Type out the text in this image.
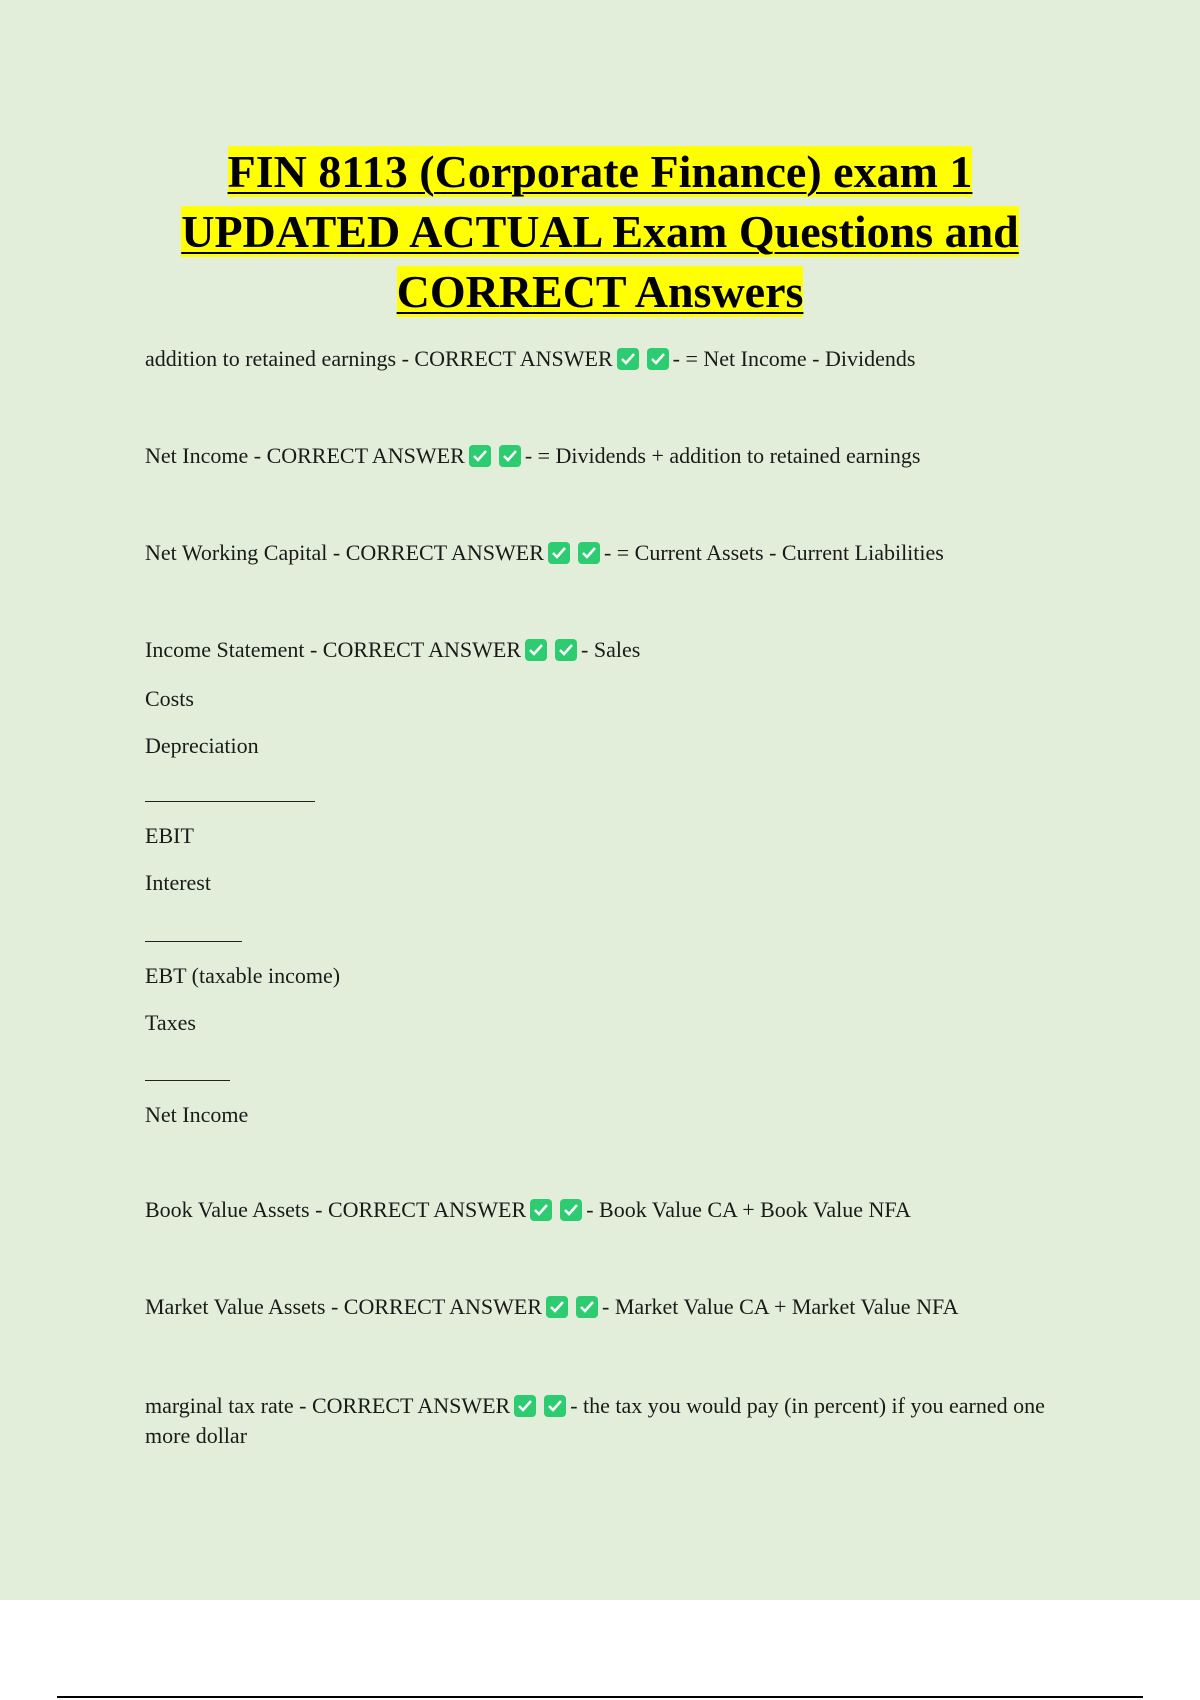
FIN 8113 (Corporate Finance) exam 1
UPDATED ACTUAL Exam Questions and
CORRECT Answers
addition to retained earnings - CORRECT ANSWER	- = Net Income - Dividends
Net Income - CORRECT ANSWER	- = Dividends + addition to retained earnings
Net Working Capital - CORRECT ANSWER	- = Current Assets - Current Liabilities
Income Statement - CORRECT ANSWER	- Sales
Costs
Depreciation
EBIT
Interest
EBT (taxable income)
Taxes
Net Income
Book Value Assets - CORRECT ANSWER	- Book Value CA + Book Value NFA
Market Value Assets - CORRECT ANSWER	- Market Value CA + Market Value NFA
marginal tax rate - CORRECT ANSWER	- the tax you would pay (in percent) if you earned one more dollar
